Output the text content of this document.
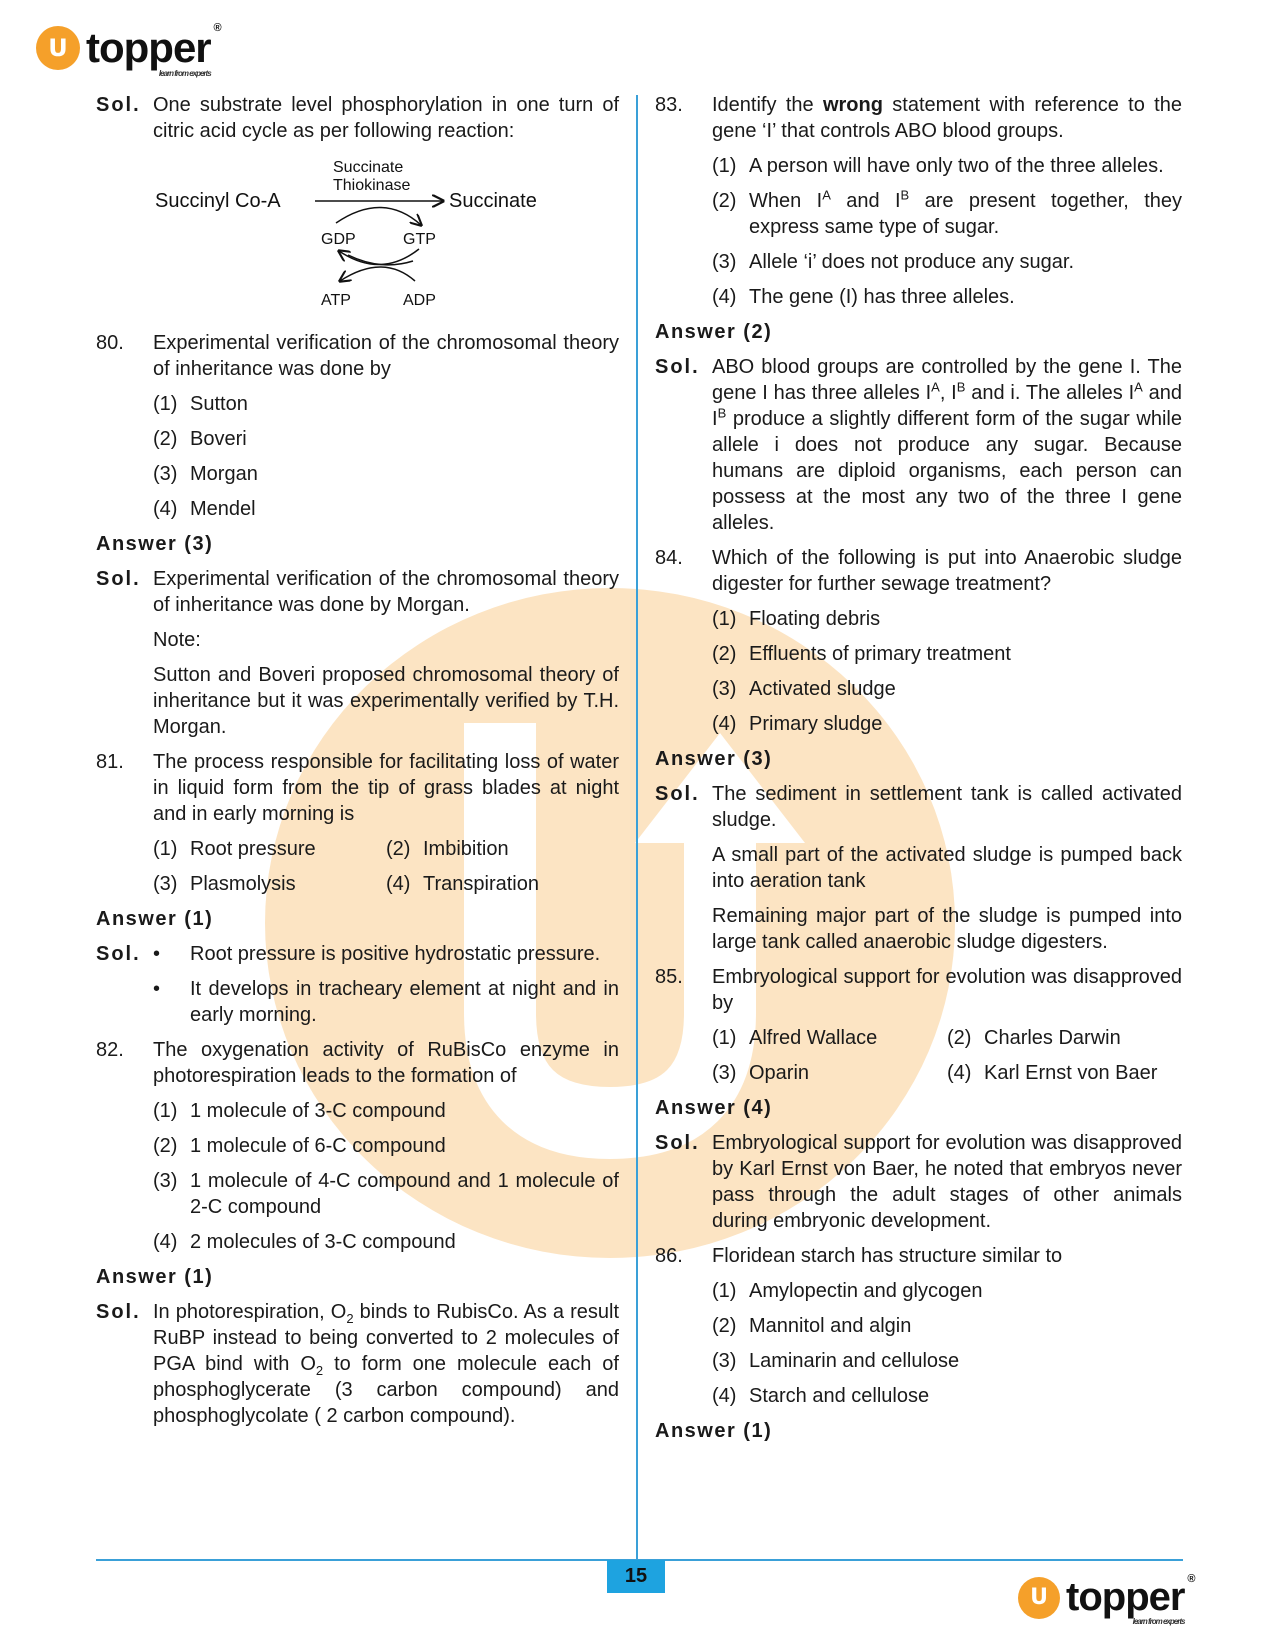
U topper ®
learn from experts
Sol. One substrate level phosphorylation in one turn of citric acid cycle as per following reaction:
Succinate
Thiokinase
Succinyl Co-A	Succinate
GDP	GTP
ATP	ADP
80.	Experimental verification of the chromosomal theory of inheritance was done by
(1) Sutton
(2) Boveri
(3) Morgan
(4) Mendel
Answer (3)
Sol. Experimental verification of the chromosomal theory of inheritance was done by Morgan.
Note:
Sutton and Boveri proposed chromosomal theory of inheritance but it was experimentally verified by T.H. Morgan.
81.	The process responsible for facilitating loss of water in liquid form from the tip of grass blades at night and in early morning is
(1) Root pressure	(2) Imbibition
(3) Plasmolysis	(4) Transpiration
Answer (1)
Sol. •	Root pressure is positive hydrostatic pressure.
•	It develops in tracheary element at night and in early morning.
82.	The oxygenation activity of RuBisCo enzyme in photorespiration leads to the formation of
(1) 1 molecule of 3-C compound
(2) 1 molecule of 6-C compound
(3) 1 molecule of 4-C compound and 1 molecule of 2-C compound
(4) 2 molecules of 3-C compound
Answer (1)
Sol. In photorespiration, $O_2$ binds to RubisCo. As a result RuBP instead to being converted to 2 molecules of PGA bind with $O_2$ to form one molecule each of phosphoglycerate (3 carbon compound) and phosphoglycolate ( 2 carbon compound).
83.	Identify the wrong statement with reference to the gene ‘I’ that controls ABO blood groups.
(1) A person will have only two of the three alleles.
(2) When $I^A$ and $I^B$ are present together, they express same type of sugar.
(3) Allele ‘i’ does not produce any sugar.
(4) The gene (I) has three alleles.
Answer (2)
Sol. ABO blood groups are controlled by the gene I. The gene I has three alleles $I^A$, $I^B$ and i. The alleles $I^A$ and $I^B$ produce a slightly different form of the sugar while allele i does not produce any sugar. Because humans are diploid organisms, each person can possess at the most any two of the three I gene alleles.
84.	Which of the following is put into Anaerobic sludge digester for further sewage treatment?
(1) Floating debris
(2) Effluents of primary treatment
(3) Activated sludge
(4) Primary sludge
Answer (3)
Sol. The sediment in settlement tank is called activated sludge.
A small part of the activated sludge is pumped back into aeration tank
Remaining major part of the sludge is pumped into large tank called anaerobic sludge digesters.
85.	Embryological support for evolution was disapproved by
(1) Alfred Wallace	(2) Charles Darwin
(3) Oparin	(4) Karl Ernst von Baer
Answer (4)
Sol. Embryological support for evolution was disapproved by Karl Ernst von Baer, he noted that embryos never pass through the adult stages of other animals during embryonic development.
86.	Floridean starch has structure similar to
(1) Amylopectin and glycogen
(2) Mannitol and algin
(3) Laminarin and cellulose
(4) Starch and cellulose
Answer (1)
15
U topper ®
learn from experts
